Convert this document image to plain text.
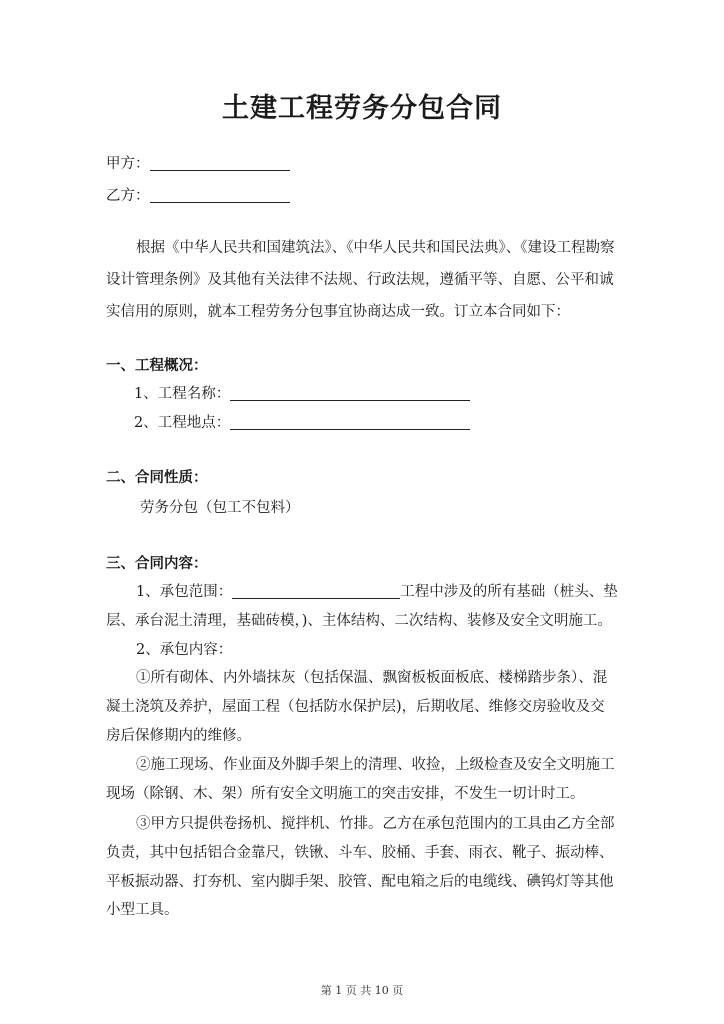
土建工程劳务分包合同
甲方：
乙方：
根据《中华人民共和国建筑法》、《中华人民共和国民法典》、《建设工程勘察
设计管理条例》及其他有关法律不法规、行政法规，遵循平等、自愿、公平和诚
实信用的原则，就本工程劳务分包事宜协商达成一致。订立本合同如下：
一、工程概况：
1、工程名称：
2、工程地点：
二、合同性质：
劳务分包（包工不包料）
三、合同内容：
1、承包范围：	工程中涉及的所有基础（桩头、垫
层、承台泥土清理，基础砖模，)、主体结构、二次结构、装修及安全文明施工。
2、承包内容：
①所有砌体、内外墙抹灰（包括保温、飘窗板板面板底、楼梯踏步条）、混
凝土浇筑及养护，屋面工程（包括防水保护层)，后期收尾、维修交房验收及交
房后保修期内的维修。
②施工现场、作业面及外脚手架上的清理、收捡，上级检查及安全文明施工
现场（除钢、木、架）所有安全文明施工的突击安排，不发生一切计时工。
③甲方只提供卷扬机、搅拌机、竹排。乙方在承包范围内的工具由乙方全部
负责，其中包括铝合金靠尺，铁锹、斗车、胶桶、手套、雨衣、靴子、振动棒、
平板振动器、打夯机、室内脚手架、胶管、配电箱之后的电缆线、碘钨灯等其他
小型工具。
第 1 页 共 10 页
